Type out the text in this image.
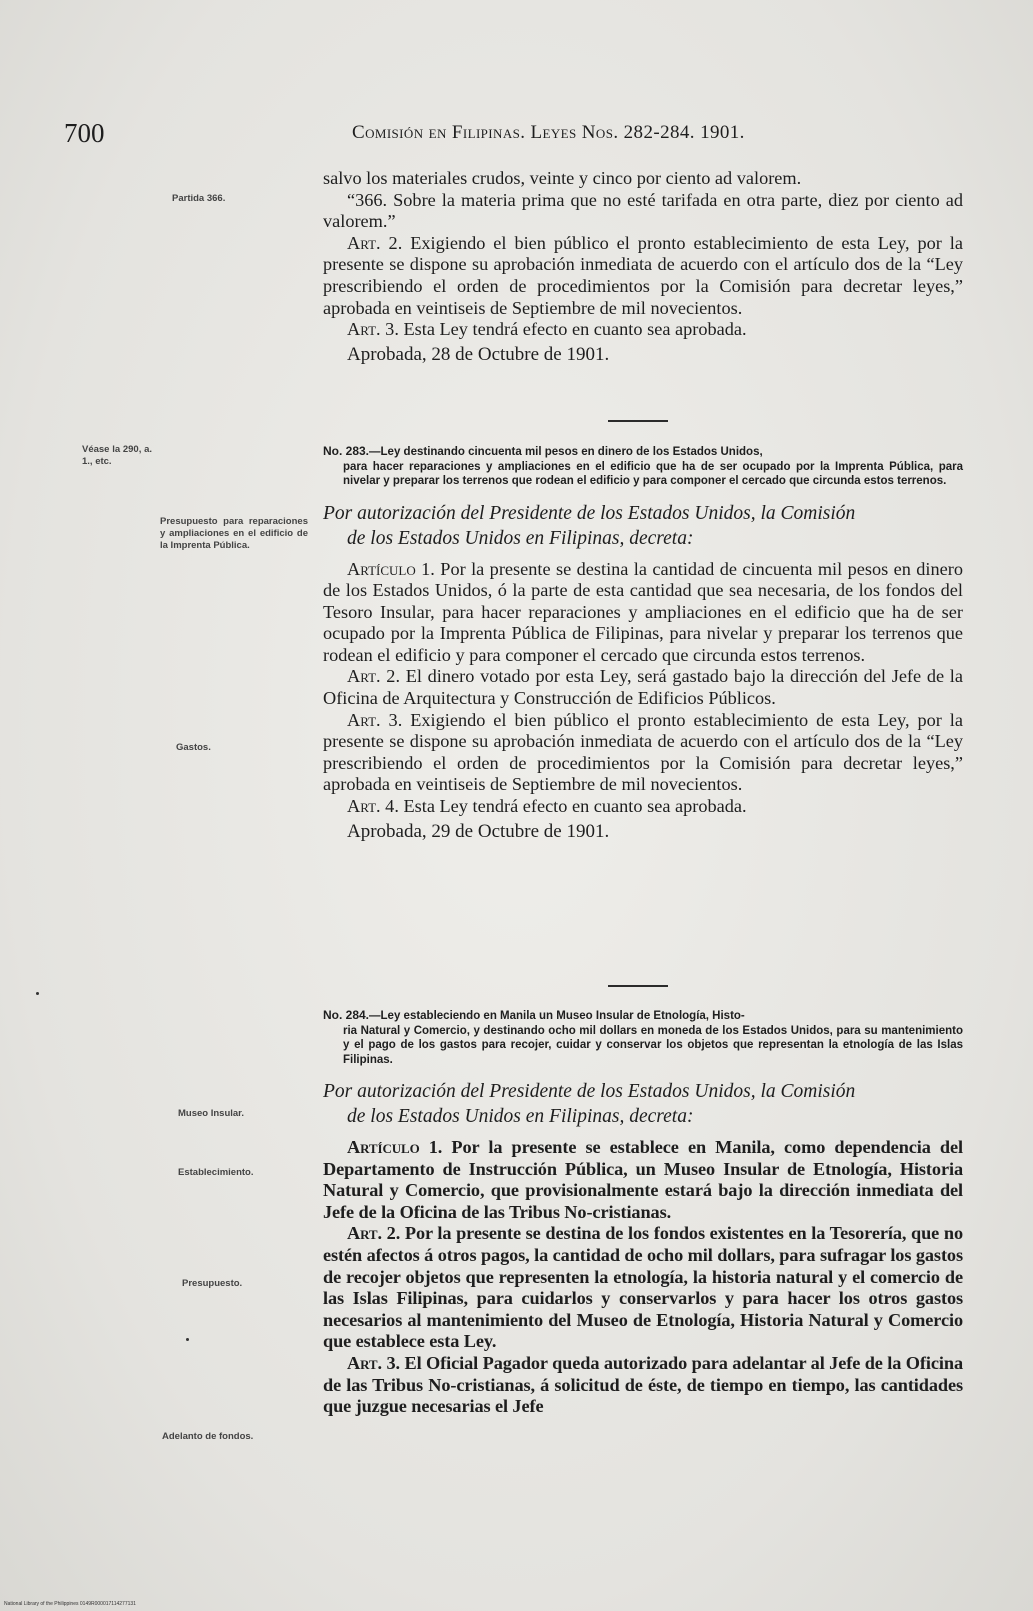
700	Comisión en Filipinas. Leyes Nos. 282-284. 1901.
Partida 366.
Véase la 290, a. 1., etc.
Presupuesto para reparaciones y ampliaciones en el edificio de la Imprenta Pública.
Gastos.
Museo Insular.
Establecimiento.
Presupuesto.
Adelanto de fondos.

salvo los materiales crudos, veinte y cinco por ciento ad valorem.

“366. Sobre la materia prima que no esté tarifada en otra parte, diez por ciento ad valorem.”

Art. 2. Exigiendo el bien público el pronto establecimiento de esta Ley, por la presente se dispone su aprobación inmediata de acuerdo con el artículo dos de la “Ley prescribiendo el orden de procedimientos por la Comisión para decretar leyes,” aprobada en veintiseis de Septiembre de mil novecientos.

Art. 3. Esta Ley tendrá efecto en cuanto sea aprobada.

Aprobada, 28 de Octubre de 1901.

No. 283.—Ley destinando cincuenta mil pesos en dinero de los Estados Unidos,
para hacer reparaciones y ampliaciones en el edificio que ha de ser ocupado por la Imprenta Pública, para nivelar y preparar los terrenos que rodean el edificio y para componer el cercado que circunda estos terrenos.
Por autorización del Presidente de los Estados Unidos, la Comisión
de los Estados Unidos en Filipinas, decreta:

Artículo 1. Por la presente se destina la cantidad de cincuenta mil pesos en dinero de los Estados Unidos, ó la parte de esta cantidad que sea necesaria, de los fondos del Tesoro Insular, para hacer reparaciones y ampliaciones en el edificio que ha de ser ocupado por la Imprenta Pública de Filipinas, para nivelar y preparar los terrenos que rodean el edificio y para componer el cercado que circunda estos terrenos.

Art. 2. El dinero votado por esta Ley, será gastado bajo la dirección del Jefe de la Oficina de Arquitectura y Construcción de Edificios Públicos.

Art. 3. Exigiendo el bien público el pronto establecimiento de esta Ley, por la presente se dispone su aprobación inmediata de acuerdo con el artículo dos de la “Ley prescribiendo el orden de procedimientos por la Comisión para decretar leyes,” aprobada en veintiseis de Septiembre de mil novecientos.

Art. 4. Esta Ley tendrá efecto en cuanto sea aprobada.

Aprobada, 29 de Octubre de 1901.

No. 284.—Ley estableciendo en Manila un Museo Insular de Etnología, Histo-
ria Natural y Comercio, y destinando ocho mil dollars en moneda de los Estados Unidos, para su mantenimiento y el pago de los gastos para recojer, cuidar y conservar los objetos que representan la etnología de las Islas Filipinas.
Por autorización del Presidente de los Estados Unidos, la Comisión
de los Estados Unidos en Filipinas, decreta:

Artículo 1. Por la presente se establece en Manila, como dependencia del Departamento de Instrucción Pública, un Museo Insular de Etnología, Historia Natural y Comercio, que provisionalmente estará bajo la dirección inmediata del Jefe de la Oficina de las Tribus No-cristianas.

Art. 2. Por la presente se destina de los fondos existentes en la Tesorería, que no estén afectos á otros pagos, la cantidad de ocho mil dollars, para sufragar los gastos de recojer objetos que representen la etnología, la historia natural y el comercio de las Islas Filipinas, para cuidarlos y conservarlos y para hacer los otros gastos necesarios al mantenimiento del Museo de Etnología, Historia Natural y Comercio que establece esta Ley.

Art. 3. El Oficial Pagador queda autorizado para adelantar al Jefe de la Oficina de las Tribus No-cristianas, á solicitud de éste, de tiempo en tiempo, las cantidades que juzgue necesarias el Jefe

National Library of the Philippines 0149R000017114277131
